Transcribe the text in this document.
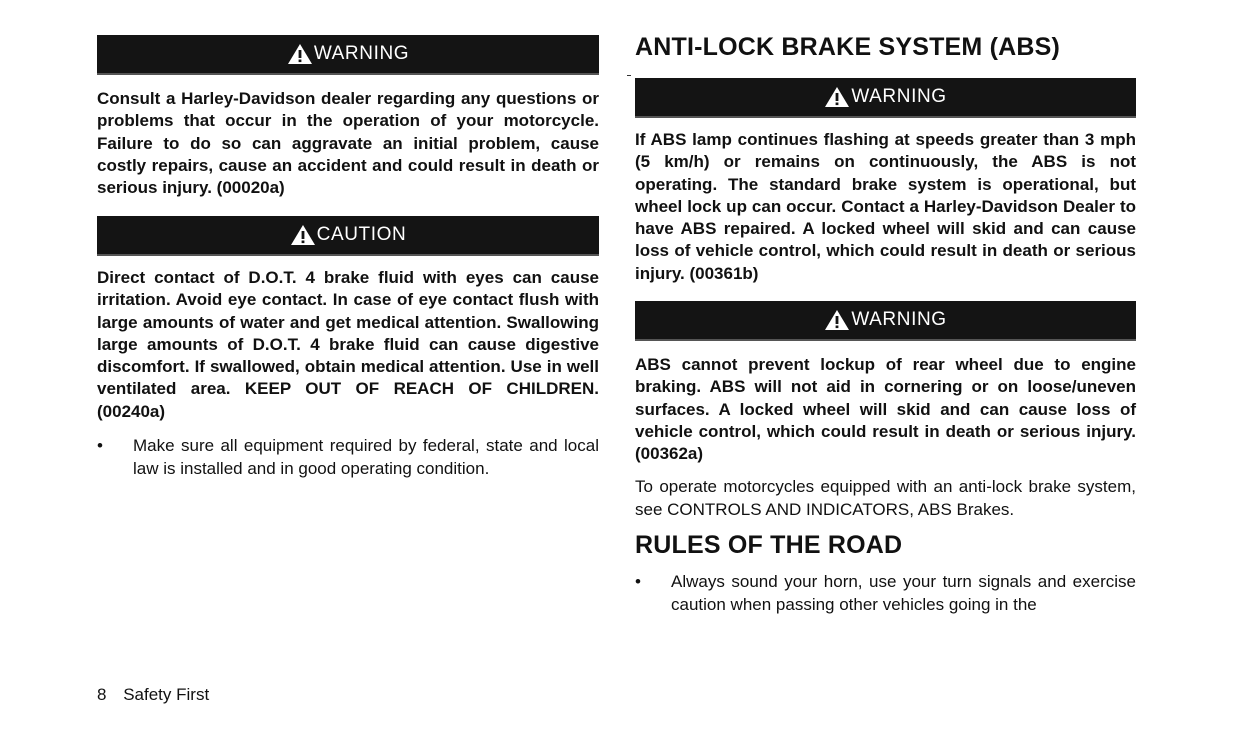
WARNING

Consult a Harley-Davidson dealer regarding any questions or problems that occur in the operation of your motorcycle. Failure to do so can aggravate an initial problem, cause costly repairs, cause an accident and could result in death or serious injury. (00020a)

CAUTION

Direct contact of D.O.T. 4 brake fluid with eyes can cause irritation. Avoid eye contact. In case of eye contact flush with large amounts of water and get medical attention. Swallowing large amounts of D.O.T. 4 brake fluid can cause digestive discomfort. If swallowed, obtain medical attention. Use in well ventilated area. KEEP OUT OF REACH OF CHILDREN. (00240a)

•	Make sure all equipment required by federal, state and local law is installed and in good operating condition.

ANTI-LOCK BRAKE SYSTEM (ABS)
WARNING

If ABS lamp continues flashing at speeds greater than 3 mph (5 km/h) or remains on continuously, the ABS is not operating. The standard brake system is operational, but wheel lock up can occur. Contact a Harley-Davidson Dealer to have ABS repaired. A locked wheel will skid and can cause loss of vehicle control, which could result in death or serious injury. (00361b)

WARNING

ABS cannot prevent lockup of rear wheel due to engine braking. ABS will not aid in cornering or on loose/uneven surfaces. A locked wheel will skid and can cause loss of vehicle control, which could result in death or serious injury. (00362a)

To operate motorcycles equipped with an anti-lock brake system, see CONTROLS AND INDICATORS, ABS Brakes.

RULES OF THE ROAD
•	Always sound your horn, use your turn signals and exercise caution when passing other vehicles going in the

8 Safety First
